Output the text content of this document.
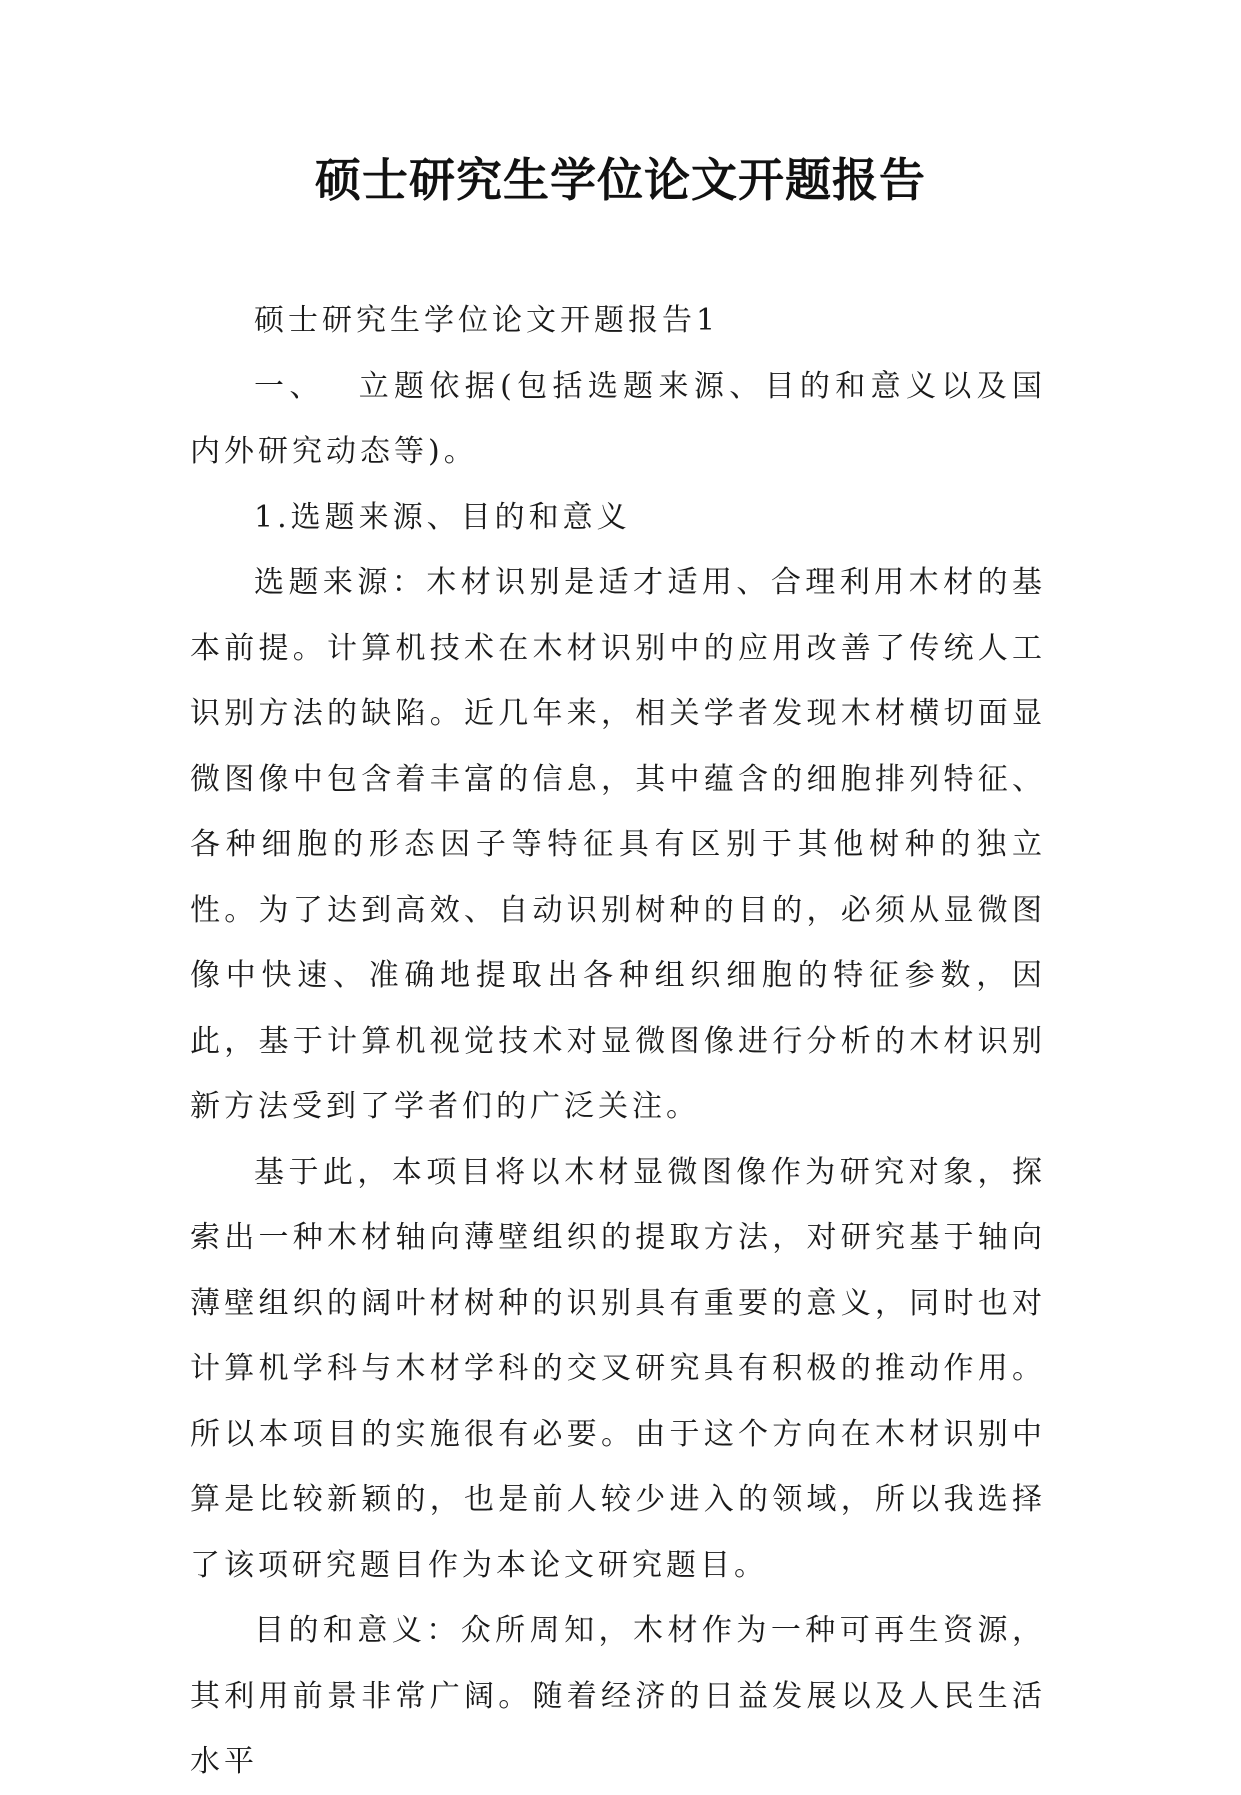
硕士研究生学位论文开题报告

硕士研究生学位论文开题报告1

一、 立题依据(包括选题来源、目的和意义以及国内外研究动态等)。

1.选题来源、目的和意义

选题来源：木材识别是适才适用、合理利用木材的基本前提。计算机技术在木材识别中的应用改善了传统人工识别方法的缺陷。近几年来，相关学者发现木材横切面显微图像中包含着丰富的信息，其中蕴含的细胞排列特征、各种细胞的形态因子等特征具有区别于其他树种的独立性。为了达到高效、自动识别树种的目的，必须从显微图像中快速、准确地提取出各种组织细胞的特征参数，因此，基于计算机视觉技术对显微图像进行分析的木材识别新方法受到了学者们的广泛关注。

基于此，本项目将以木材显微图像作为研究对象，探索出一种木材轴向薄壁组织的提取方法，对研究基于轴向薄壁组织的阔叶材树种的识别具有重要的意义，同时也对计算机学科与木材学科的交叉研究具有积极的推动作用。所以本项目的实施很有必要。由于这个方向在木材识别中算是比较新颖的，也是前人较少进入的领域，所以我选择了该项研究题目作为本论文研究题目。

目的和意义：众所周知，木材作为一种可再生资源，其利用前景非常广阔。随着经济的日益发展以及人民生活水平
